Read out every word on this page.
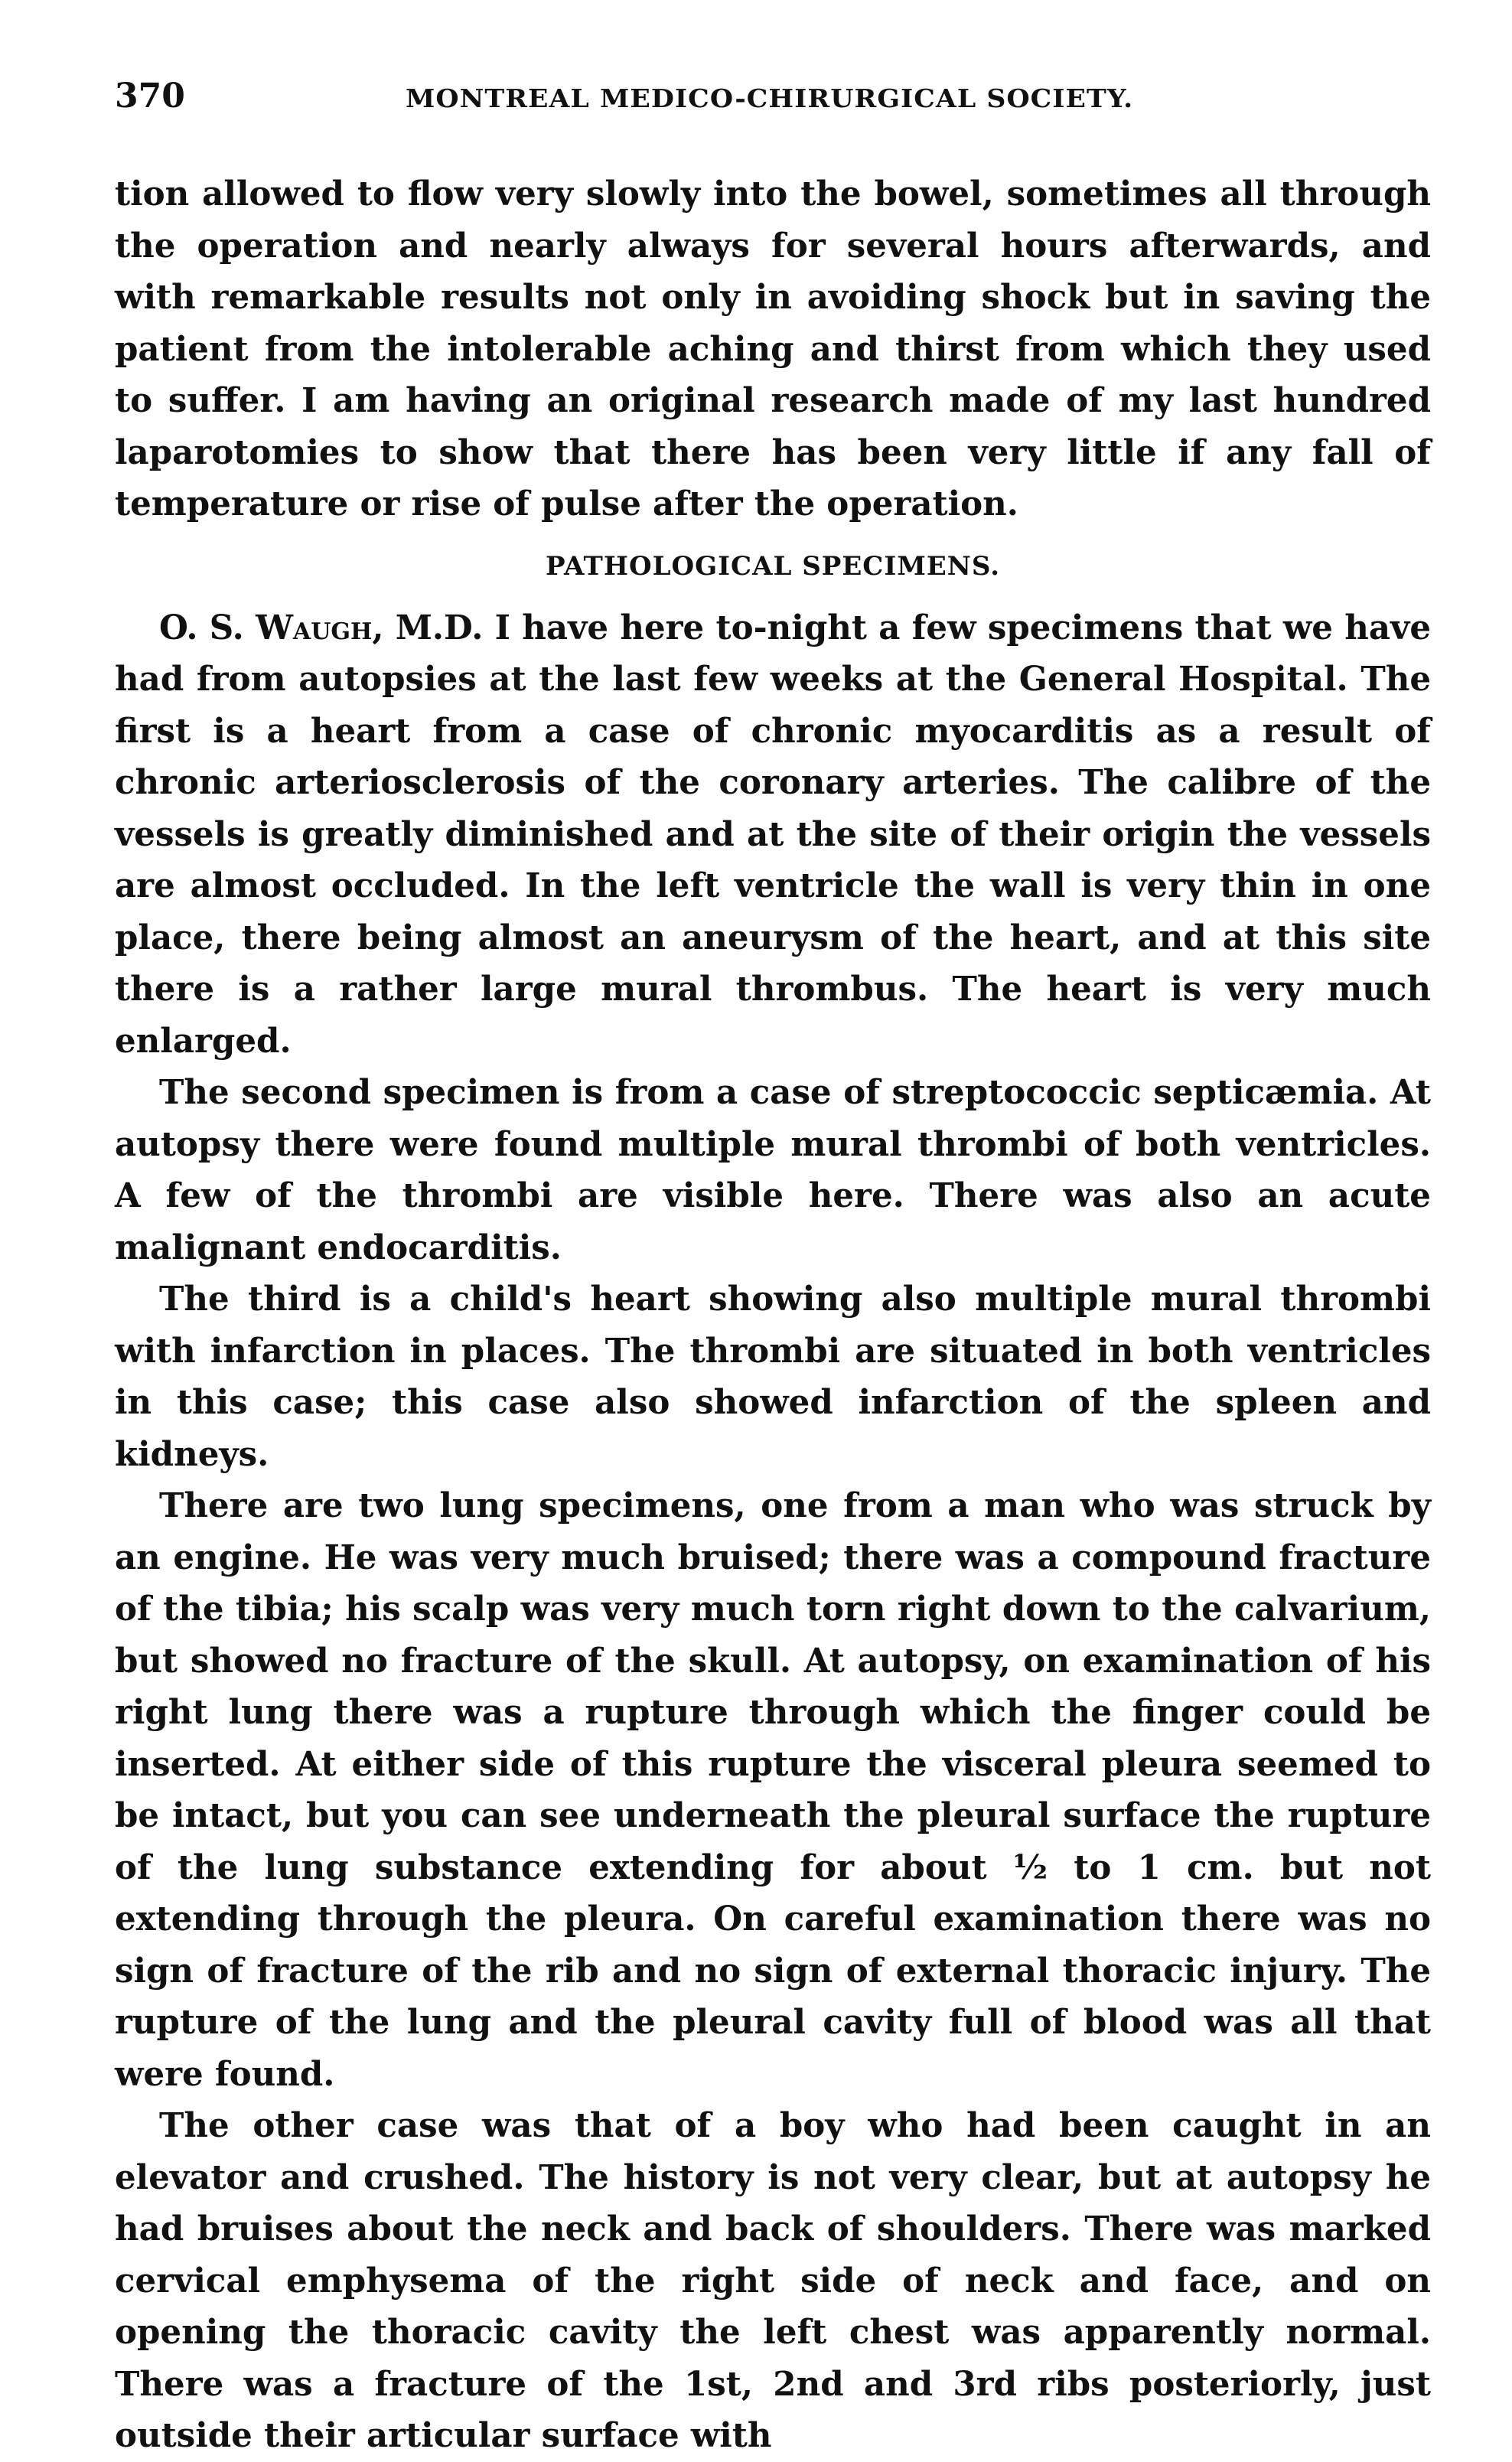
370	MONTREAL MEDICO-CHIRURGICAL SOCIETY.

tion allowed to flow very slowly into the bowel, sometimes all through the operation and nearly always for several hours afterwards, and with remarkable results not only in avoiding shock but in saving the patient from the intolerable aching and thirst from which they used to suffer. I am having an original research made of my last hundred laparotomies to show that there has been very little if any fall of temperature or rise of pulse after the operation.

PATHOLOGICAL SPECIMENS.

O. S. Waugh, M.D. I have here to-night a few specimens that we have had from autopsies at the last few weeks at the General Hospital. The first is a heart from a case of chronic myocarditis as a result of chronic arteriosclerosis of the coronary arteries. The calibre of the vessels is greatly diminished and at the site of their origin the vessels are almost occluded. In the left ventricle the wall is very thin in one place, there being almost an aneurysm of the heart, and at this site there is a rather large mural thrombus. The heart is very much enlarged.

The second specimen is from a case of streptococcic septicæmia. At autopsy there were found multiple mural thrombi of both ventricles. A few of the thrombi are visible here. There was also an acute malignant endocarditis.

The third is a child's heart showing also multiple mural thrombi with infarction in places. The thrombi are situated in both ventricles in this case; this case also showed infarction of the spleen and kidneys.

There are two lung specimens, one from a man who was struck by an engine. He was very much bruised; there was a compound fracture of the tibia; his scalp was very much torn right down to the calvarium, but showed no fracture of the skull. At autopsy, on examination of his right lung there was a rupture through which the finger could be inserted. At either side of this rupture the visceral pleura seemed to be intact, but you can see underneath the pleural surface the rupture of the lung substance extending for about ½ to 1 cm. but not extending through the pleura. On careful examination there was no sign of fracture of the rib and no sign of external thoracic injury. The rupture of the lung and the pleural cavity full of blood was all that were found.

The other case was that of a boy who had been caught in an elevator and crushed. The history is not very clear, but at autopsy he had bruises about the neck and back of shoulders. There was marked cervical emphysema of the right side of neck and face, and on opening the thoracic cavity the left chest was apparently normal. There was a fracture of the 1st, 2nd and 3rd ribs posteriorly, just outside their articular surface with
